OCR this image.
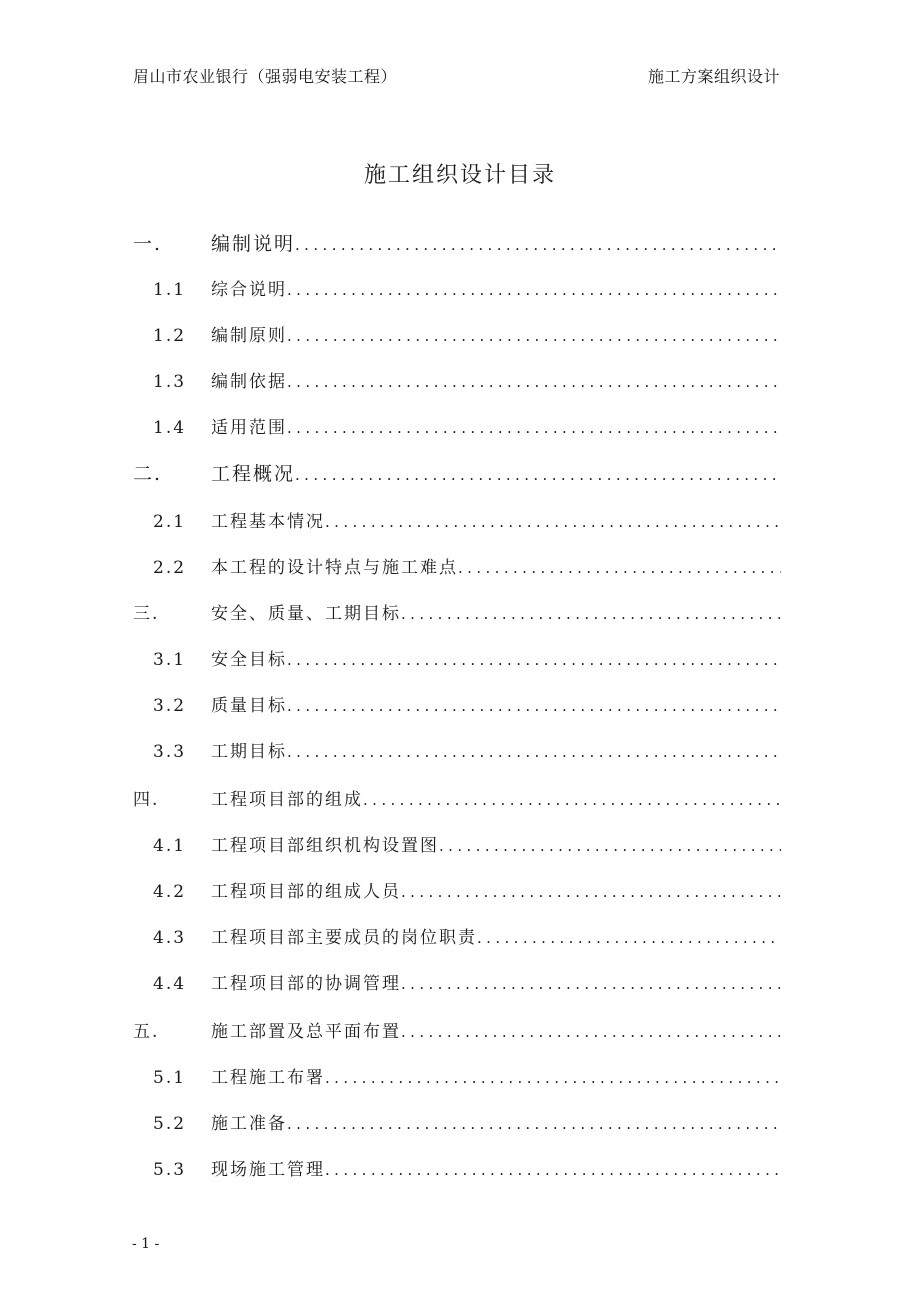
眉山市农业银行（强弱电安装工程）	施工方案组织设计
施工组织设计目录
一.	编制说明
.....
1.1	综合说明
.....
1.2	编制原则
.....
1.3	编制依据
.....
1.4	适用范围
.....
二.	工程概况
.....
2.1	工程基本情况
.....
2.2	本工程的设计特点与施工难点
.....
三.	安全、质量、工期目标
.....
3.1	安全目标
.....
3.2	质量目标
.....
3.3	工期目标
.....
四.	工程项目部的组成
.....
4.1	工程项目部组织机构设置图
.....
4.2	工程项目部的组成人员
.....
4.3	工程项目部主要成员的岗位职责
.....
4.4	工程项目部的协调管理
.....
五.	施工部置及总平面布置
.....
5.1	工程施工布署
.....
5.2	施工准备
.....
5.3	现场施工管理
.....
- 1 -
